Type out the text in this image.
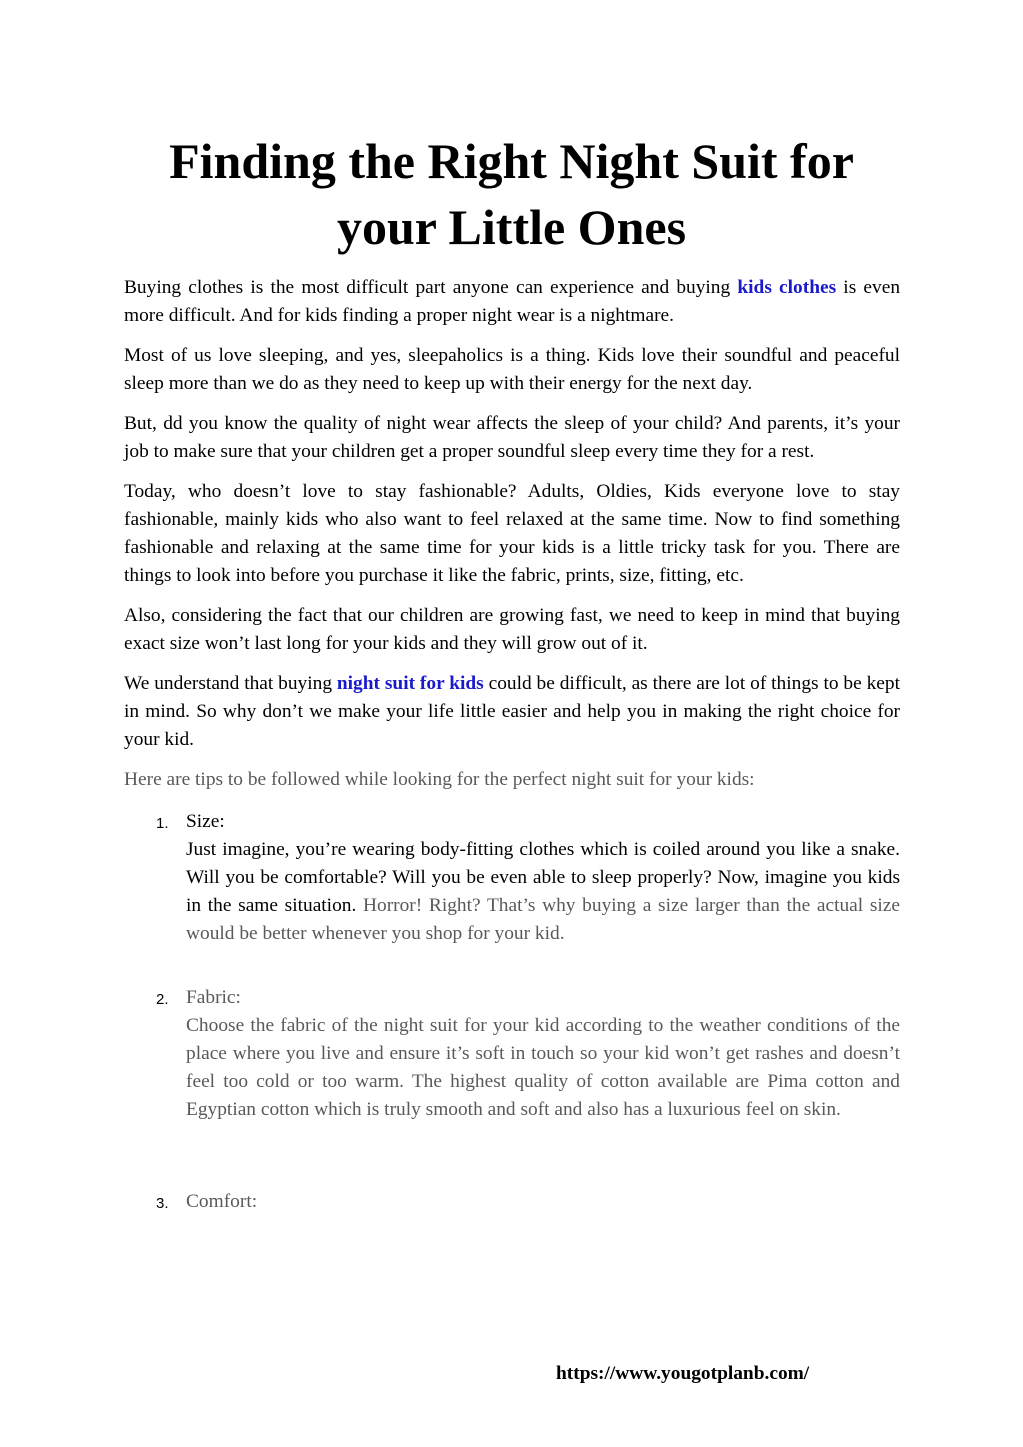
Finding the Right Night Suit for
your Little Ones

Buying clothes is the most difficult part anyone can experience and buying kids clothes is even more difficult. And for kids finding a proper night wear is a nightmare.

Most of us love sleeping, and yes, sleepaholics is a thing. Kids love their soundful and peaceful sleep more than we do as they need to keep up with their energy for the next day.

But, dd you know the quality of night wear affects the sleep of your child? And parents, it’s your job to make sure that your children get a proper soundful sleep every time they for a rest.

Today, who doesn’t love to stay fashionable? Adults, Oldies, Kids everyone love to stay fashionable, mainly kids who also want to feel relaxed at the same time. Now to find something fashionable and relaxing at the same time for your kids is a little tricky task for you. There are things to look into before you purchase it like the fabric, prints, size, fitting, etc.

Also, considering the fact that our children are growing fast, we need to keep in mind that buying exact size won’t last long for your kids and they will grow out of it.

We understand that buying night suit for kids could be difficult, as there are lot of things to be kept in mind. So why don’t we make your life little easier and help you in making the right choice for your kid.

Here are tips to be followed while looking for the perfect night suit for your kids:

1. Size:
Just imagine, you’re wearing body-fitting clothes which is coiled around you like a snake. Will you be comfortable? Will you be even able to sleep properly? Now, imagine you kids in the same situation. Horror! Right? That’s why buying a size larger than the actual size would be better whenever you shop for your kid.
2. Fabric:
Choose the fabric of the night suit for your kid according to the weather conditions of the place where you live and ensure it’s soft in touch so your kid won’t get rashes and doesn’t feel too cold or too warm. The highest quality of cotton available are Pima cotton and Egyptian cotton which is truly smooth and soft and also has a luxurious feel on skin.
3. Comfort:
https://www.yougotplanb.com/
